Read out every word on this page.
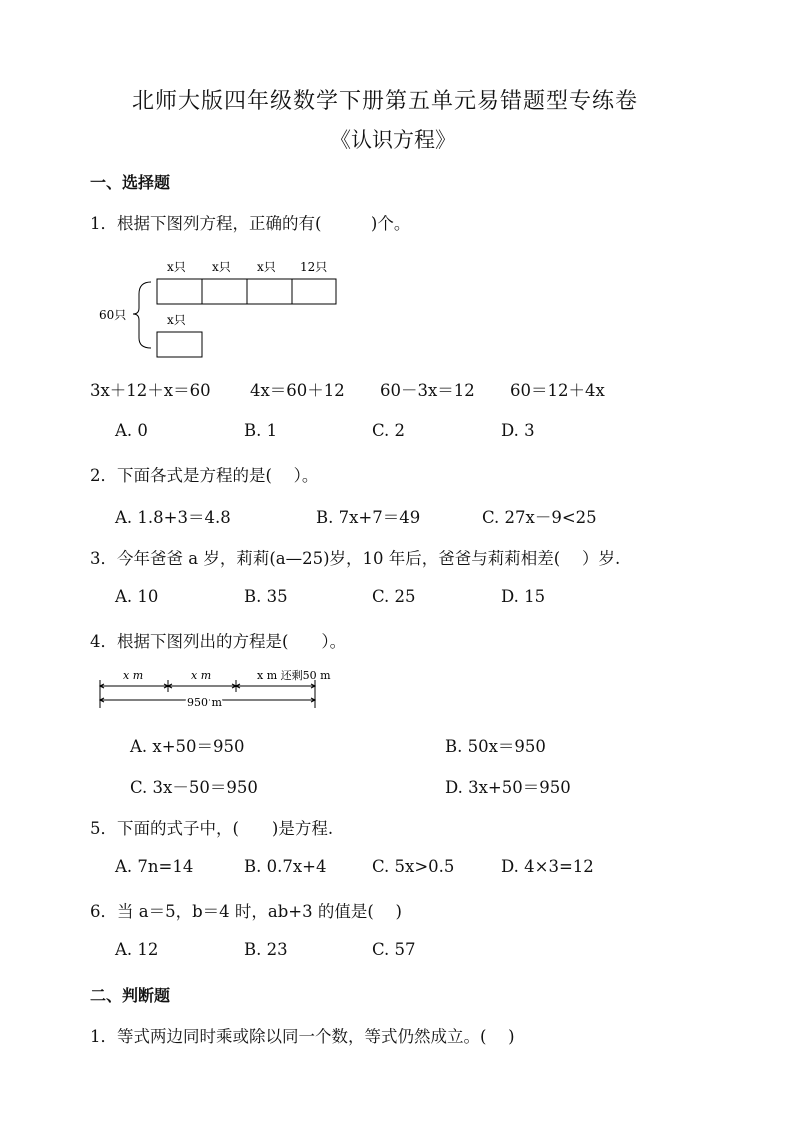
北师大版四年级数学下册第五单元易错题型专练卷
《认识方程》
一、选择题
1．根据下图列方程，正确的有(　　　)个。
x只 x只 x只 12只
x只
60只
3x＋12＋x＝60 4x＝60＋12 60－3x＝12 60＝12＋4x
A. 0	B. 1	C. 2	D. 3
2．下面各式是方程的是(　 ）。
A. 1.8+3＝4.8	B. 7x+7＝49	C. 27x－9<25
3．今年爸爸 a 岁，莉莉(a—25)岁，10 年后，爸爸与莉莉相差(　 ）岁.
A. 10	B. 35	C. 25	D. 15
4．根据下图列出的方程是(　　）。
x m	x m	x m 还剩50 m
950 m
A. x+50＝950	B. 50x＝950
C. 3x－50＝950	D. 3x+50＝950
5．下面的式子中，(　　)是方程.
A. 7n=14	B. 0.7x+4	C. 5x>0.5	D. 4×3=12
6．当 a＝5，b＝4 时，ab+3 的值是(　 )
A. 12	B. 23	C. 57
二、判断题
1．等式两边同时乘或除以同一个数，等式仍然成立。(　 )
